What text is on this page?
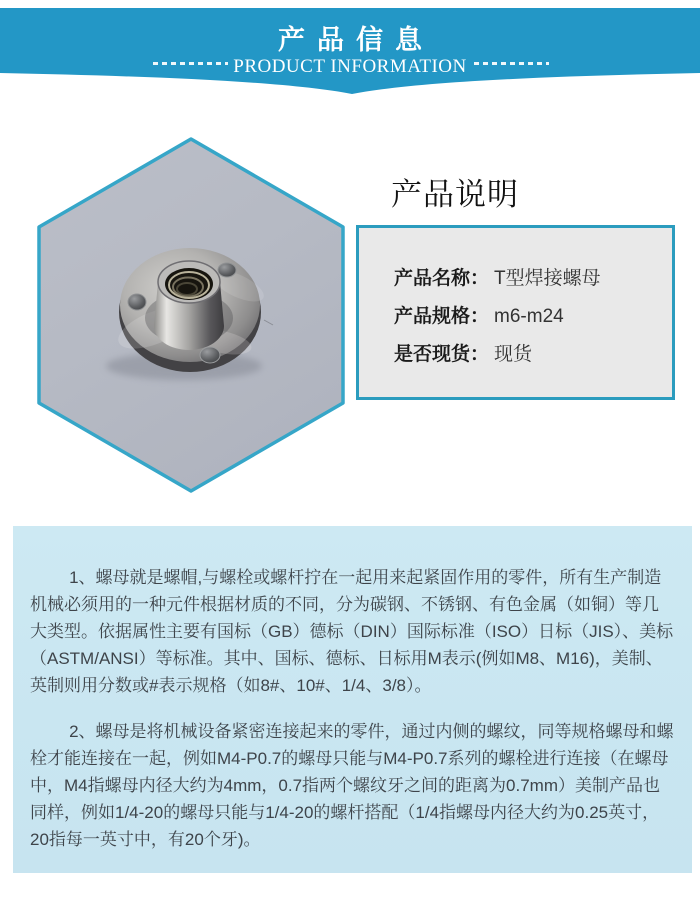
产品信息
PRODUCT INFORMATION
产品说明
产品名称： T型焊接螺母
产品规格： m6-m24
是否现货： 现货

1、螺母就是螺帽,与螺栓或螺杆拧在一起用来起紧固作用的零件，所有生产制造机械必须用的一种元件根据材质的不同，分为碳钢、不锈钢、有色金属（如铜）等几大类型。依据属性主要有国标（GB）德标（DIN）国际标准（ISO）日标（JIS）、美标（ASTM/ANSI）等标准。其中、国标、德标、日标用M表示(例如M8、M16)，美制、英制则用分数或#表示规格（如8#、10#、1/4、3/8）。

2、螺母是将机械设备紧密连接起来的零件，通过内侧的螺纹，同等规格螺母和螺栓才能连接在一起，例如M4-P0.7的螺母只能与M4-P0.7系列的螺栓进行连接（在螺母中，M4指螺母内径大约为4mm，0.7指两个螺纹牙之间的距离为0.7mm）美制产品也同样，例如1/4-20的螺母只能与1/4-20的螺杆搭配（1/4指螺母内径大约为0.25英寸，20指每一英寸中，有20个牙)。
